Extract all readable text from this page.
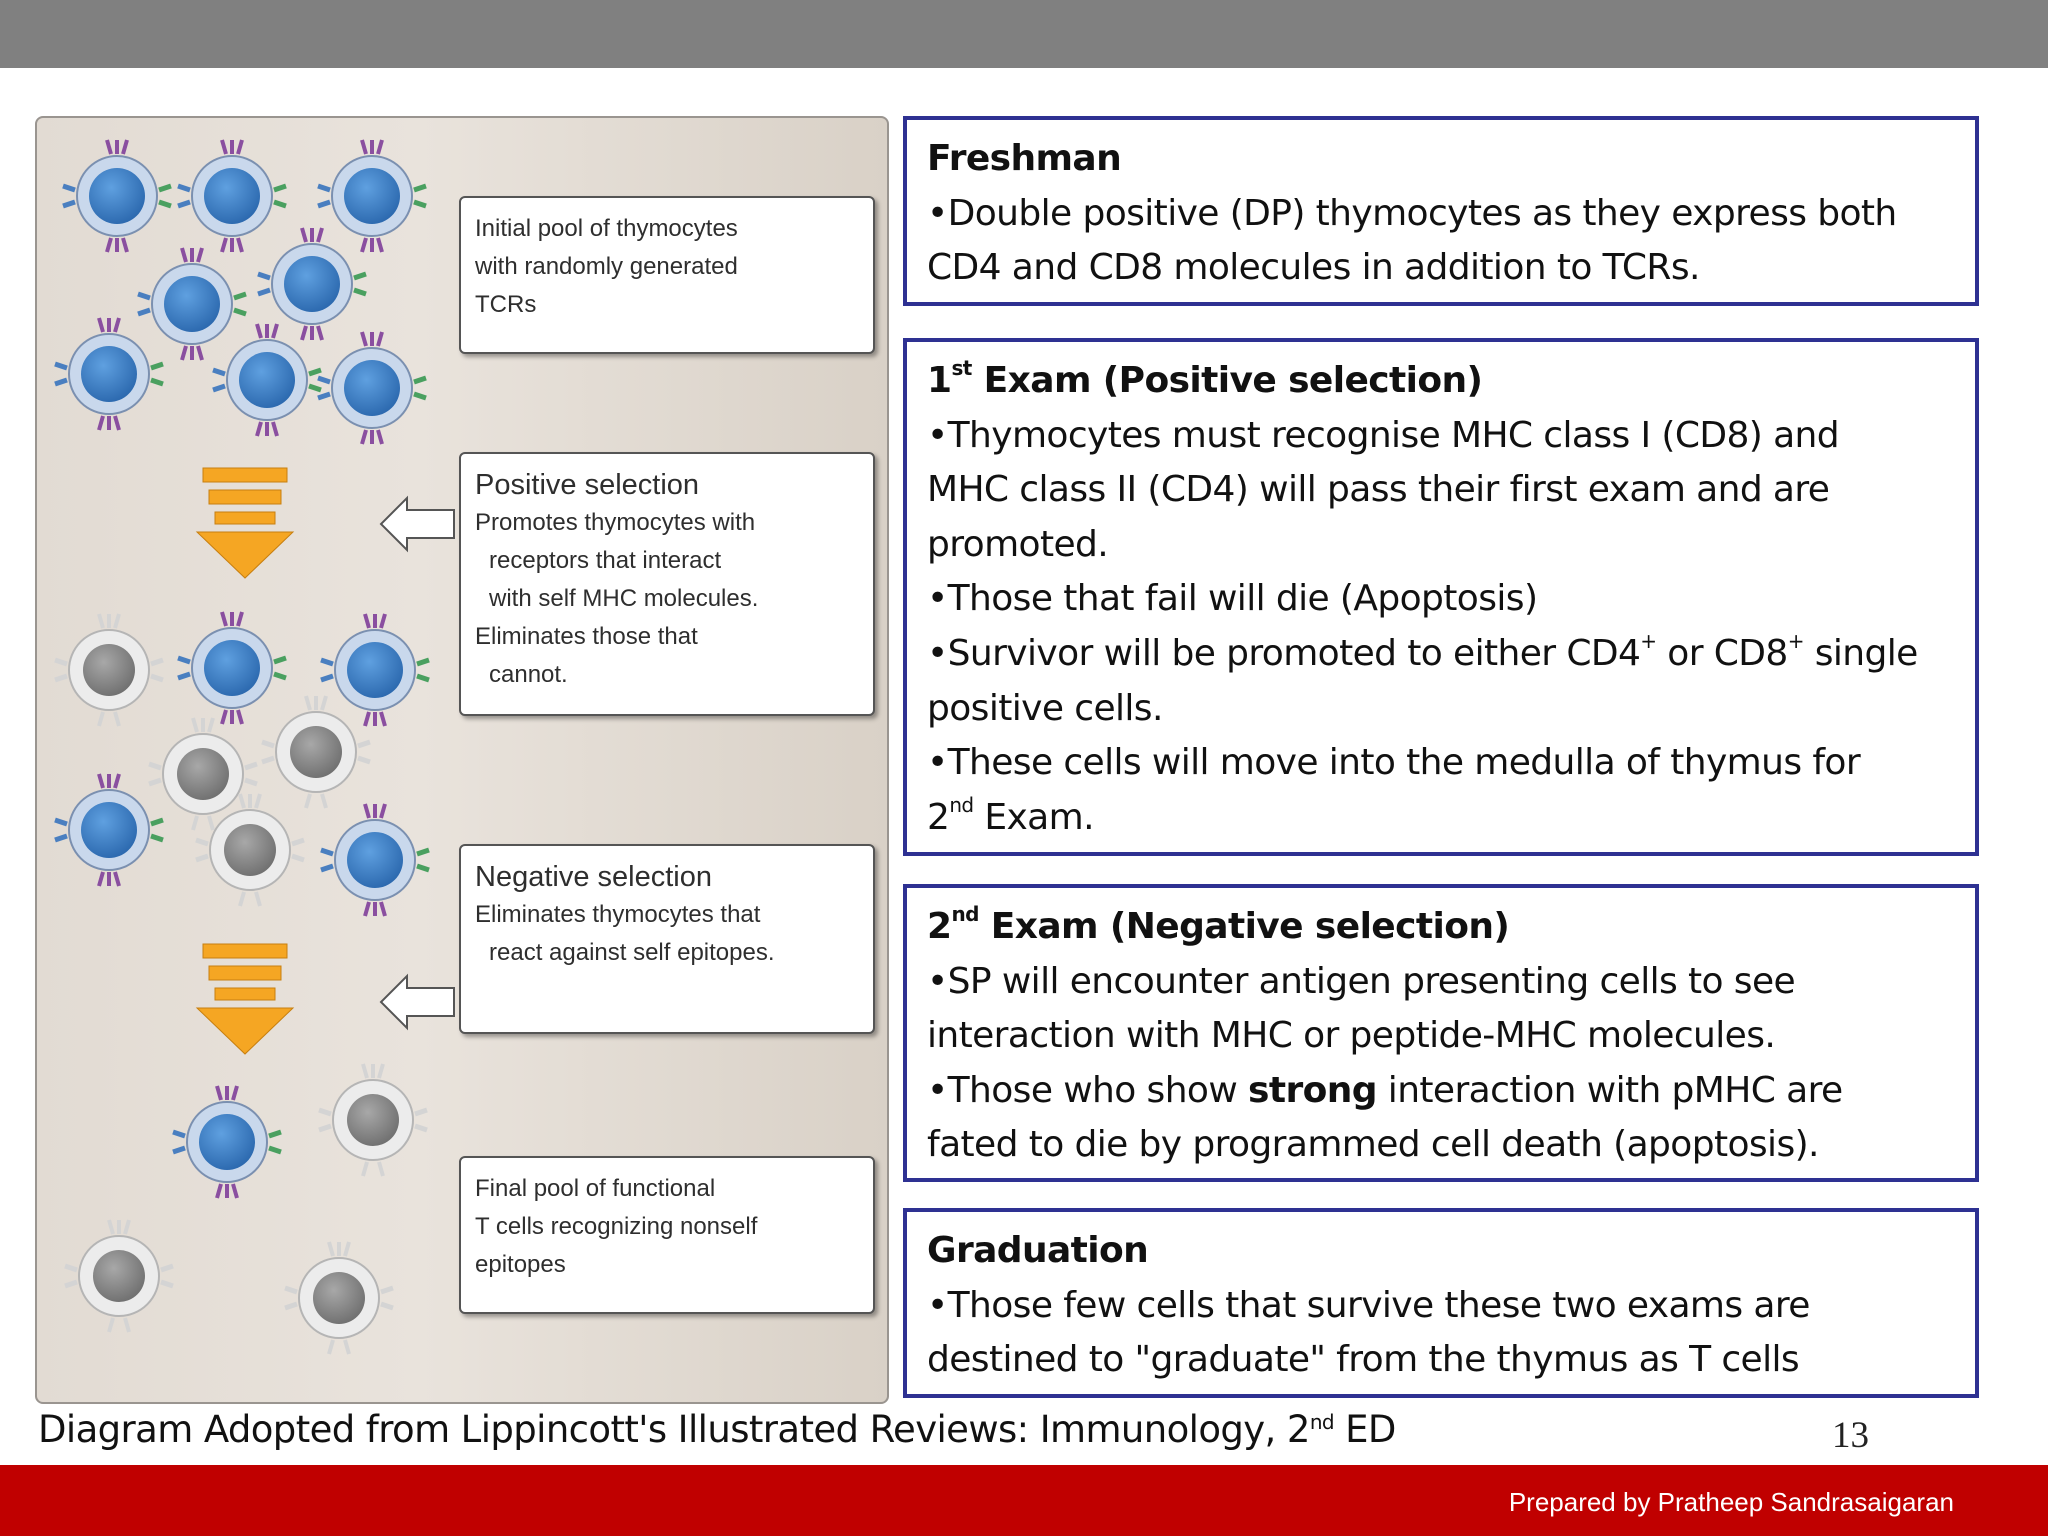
Initial pool of thymocytes
with randomly generated
TCRs
Positive selection
Promotes thymocytes with
receptors that interact
with self MHC molecules.
Eliminates those that
cannot.
Negative selection
Eliminates thymocytes that
react against self epitopes.
Final pool of functional
T cells recognizing nonself
epitopes
Freshman
•Double positive (DP) thymocytes as they express both
CD4 and CD8 molecules in addition to TCRs.
1st Exam (Positive selection)
•Thymocytes must recognise MHC class I (CD8) and
MHC class II (CD4) will pass their first exam and are
promoted.
•Those that fail will die (Apoptosis)
•Survivor will be promoted to either CD4+ or CD8+ single
positive cells.
•These cells will move into the medulla of thymus for
2nd Exam.
2nd Exam (Negative selection)
•SP will encounter antigen presenting cells to see
interaction with MHC or peptide-MHC molecules.
•Those who show strong interaction with pMHC are
fated to die by programmed cell death (apoptosis).
Graduation
•Those few cells that survive these two exams are
destined to "graduate" from the thymus as T cells
Diagram Adopted from Lippincott's Illustrated Reviews: Immunology, 2nd ED	13
Prepared by Pratheep Sandrasaigaran
